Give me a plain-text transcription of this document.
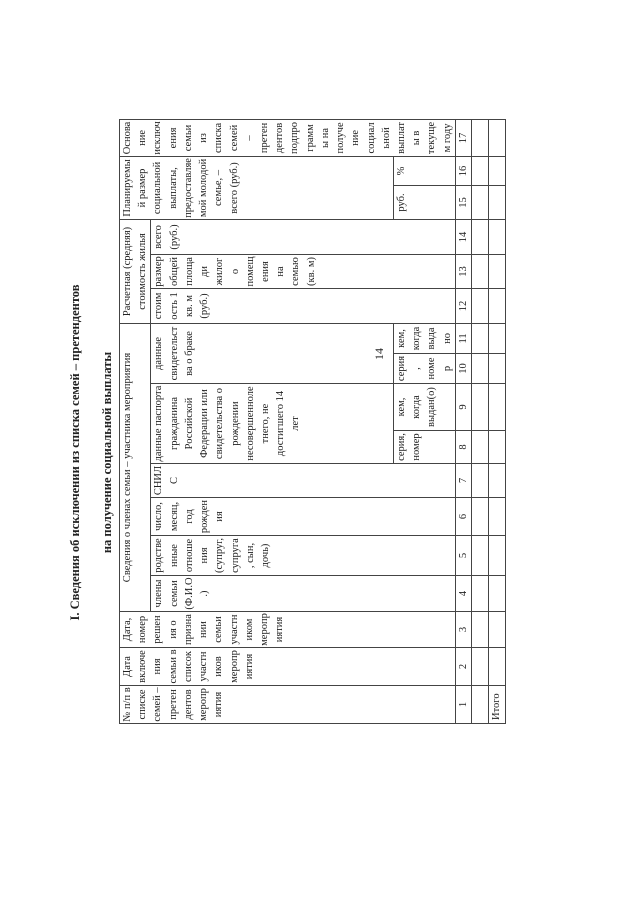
14
I. Сведения об исключении из списка семей – претендентов на получение социальной выплаты
№ п/п в списке семей – претендентов мероприятия	Дата включения семьи в список участников мероприятия	Дата, номер решения о признании семьи участником мероприятия	Сведения о членах семьи – участника мероприятия								Расчетная (средняя) стоимость жилья			Планируемый размер социальной выплаты, предоставляемой молодой семье, – всего (руб.)		Основание исключения семьи из списка семей – претендентов подпрограммы на получение социальной выплаты в текущем году
			члены семьи (Ф.И.О.)	родственные отношения (супруг, супруга, сын, дочь)	число, месяц, год рождения	СНИЛС	данные паспорта гражданина Российской Федерации или свидетельства о рождении несовершеннолетнего, не достигшего 14 лет		данные свидетельства о браке		стоимость 1 кв. м (руб.)	размер общей площади жилого помещения на семью (кв. м)	всего (руб.)			
							серия, номер	кем, когда выдан(о)	серия, номер	кем, когда выдано				руб.	%	
1	2	3	4	5	6	7	8	9	10	11	12	13	14	15	16	17

Итого																
